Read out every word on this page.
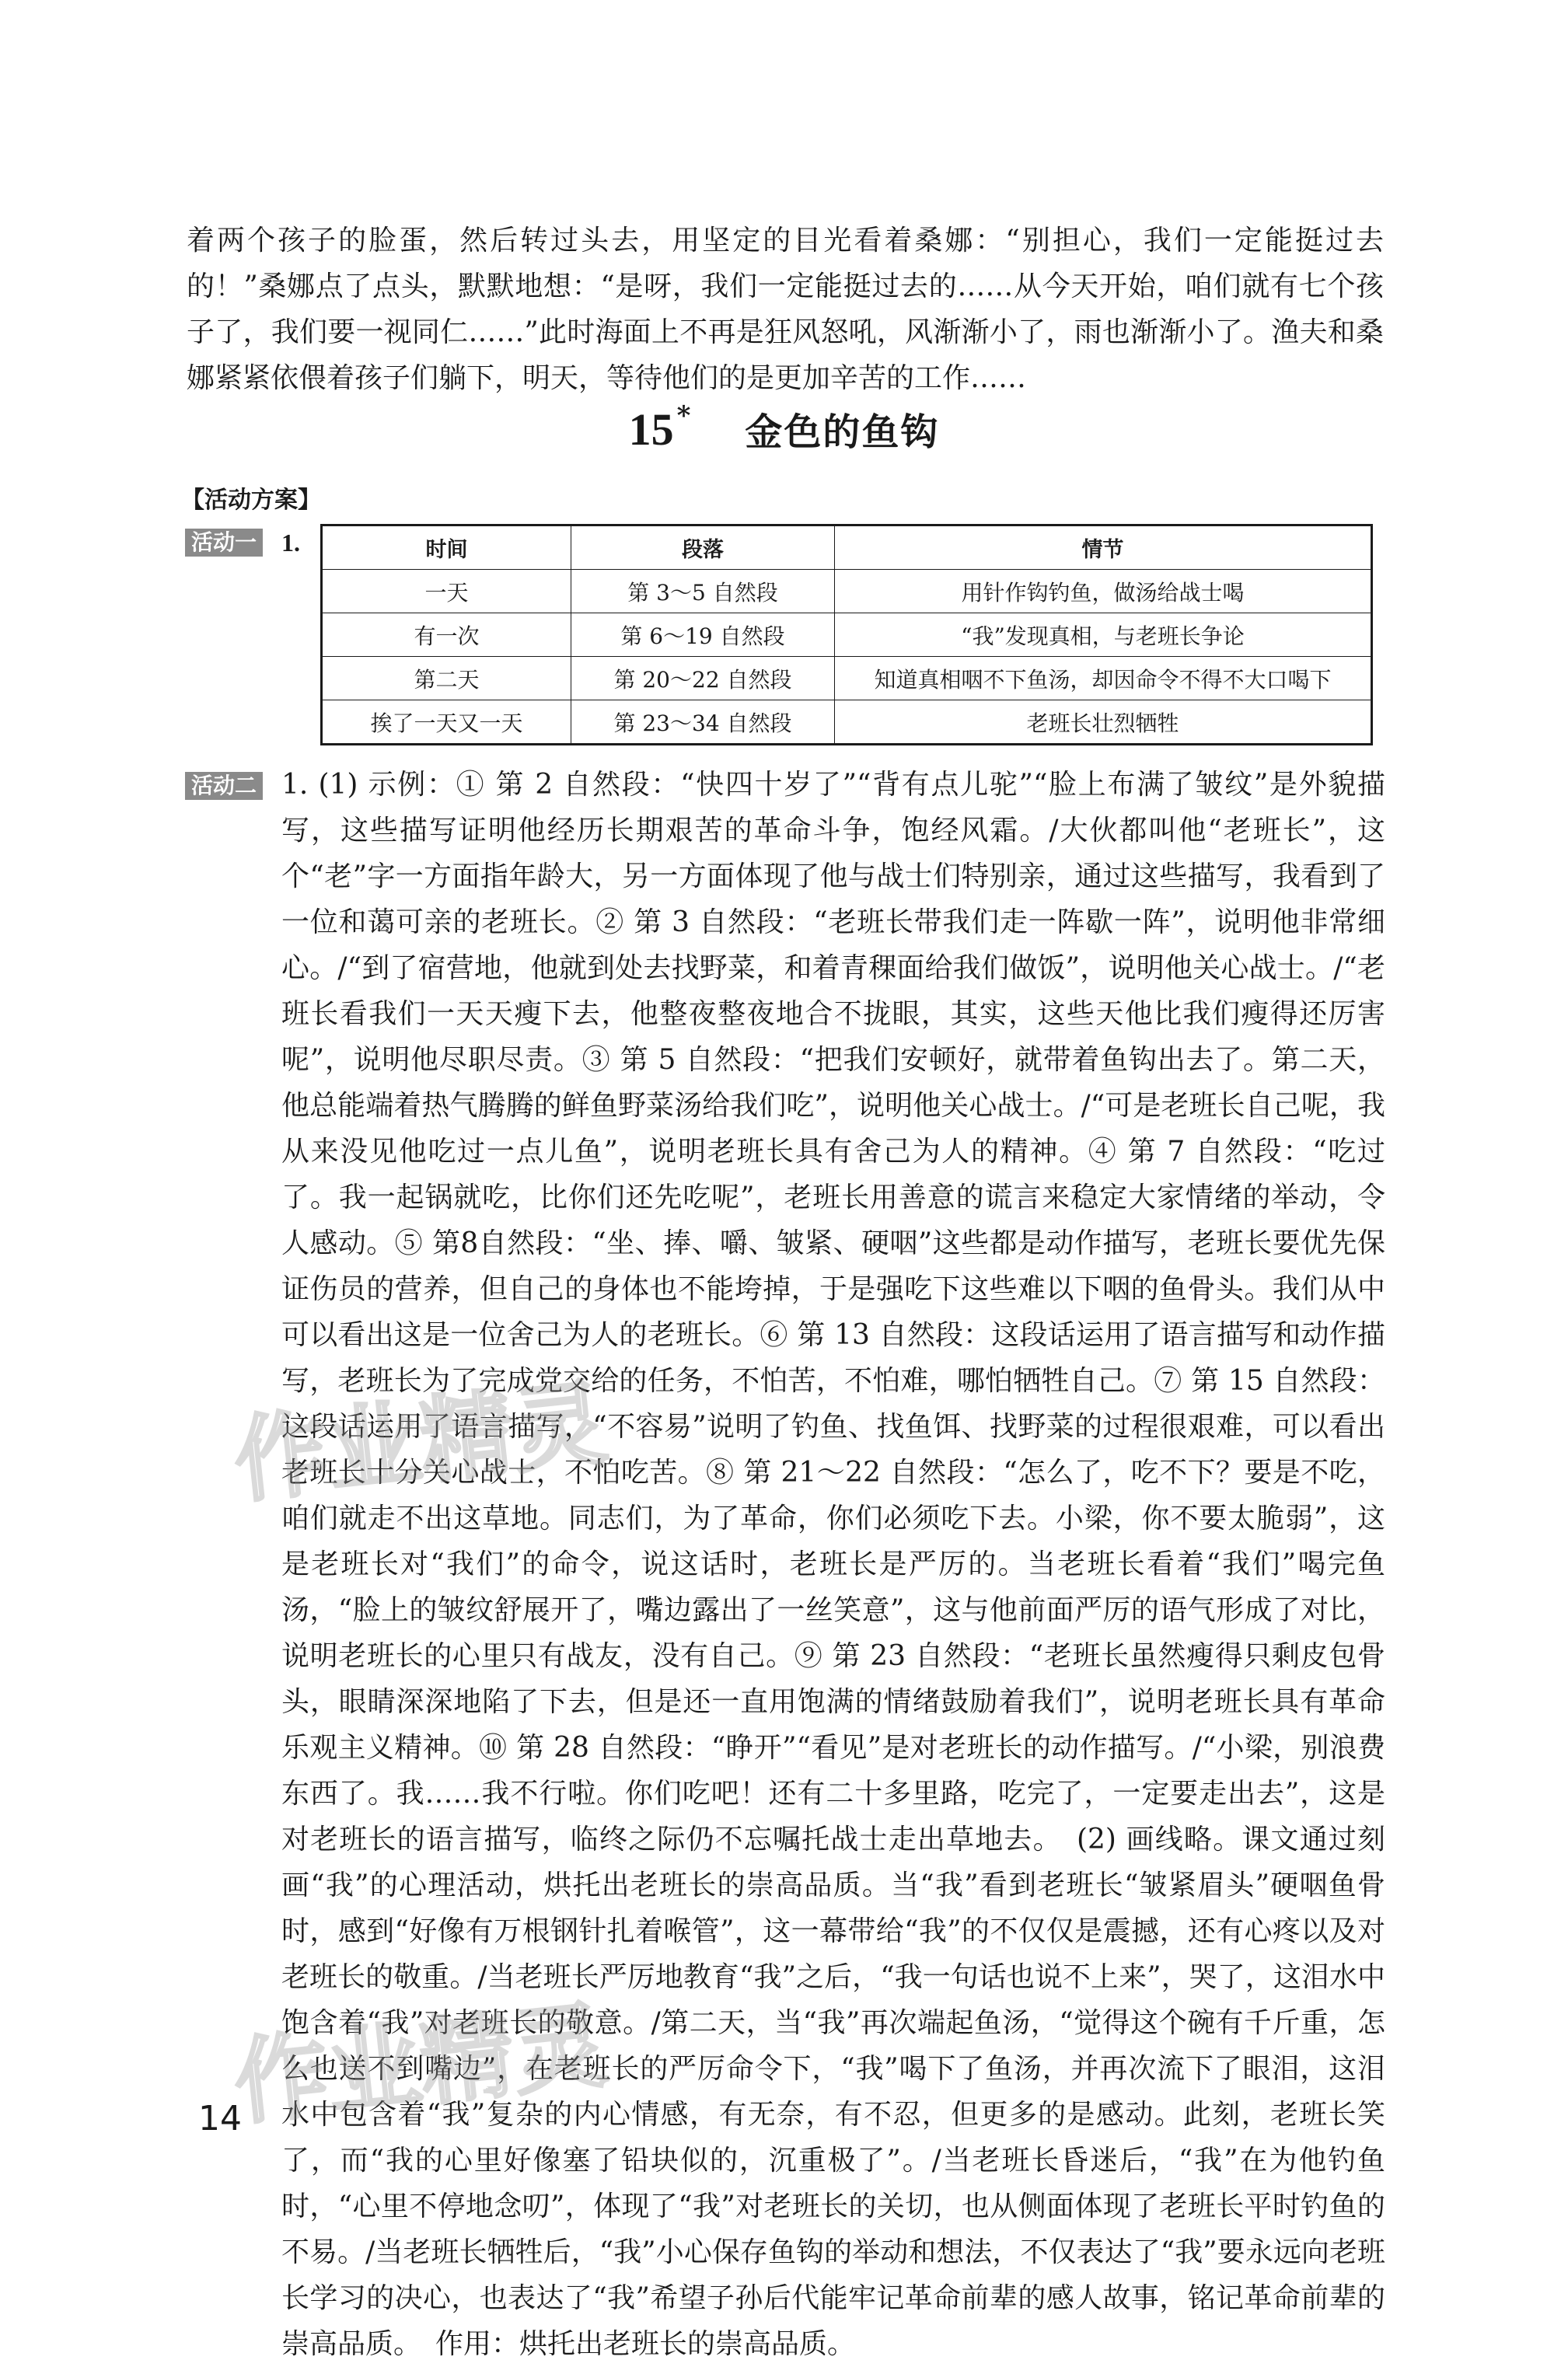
着两个孩子的脸蛋，然后转过头去，用坚定的目光看着桑娜：“别担心，我们一定能挺过去的！”桑娜点了点头，默默地想：“是呀，我们一定能挺过去的……从今天开始，咱们就有七个孩子了，我们要一视同仁……”此时海面上不再是狂风怒吼，风渐渐小了，雨也渐渐小了。渔夫和桑娜紧紧依偎着孩子们躺下，明天，等待他们的是更加辛苦的工作……
15 * 金色的鱼钩
【活动方案】
活动一 1.	时间	段落	情节
一天	第 3～5 自然段	用针作钩钓鱼，做汤给战士喝
有一次	第 6～19 自然段	“我”发现真相，与老班长争论
第二天	第 20～22 自然段	知道真相咽不下鱼汤，却因命令不得不大口喝下
挨了一天又一天	第 23～34 自然段	老班长壮烈牺牲
活动二 1. (1) 示例：① 第 2 自然段：“快四十岁了”“背有点儿驼”“脸上布满了皱纹”是外貌描写，这些描写证明他经历长期艰苦的革命斗争，饱经风霜。/大伙都叫他“老班长”，这个“老”字一方面指年龄大，另一方面体现了他与战士们特别亲，通过这些描写，我看到了一位和蔼可亲的老班长。② 第 3 自然段：“老班长带我们走一阵歇一阵”，说明他非常细心。/“到了宿营地，他就到处去找野菜，和着青稞面给我们做饭”，说明他关心战士。/“老班长看我们一天天瘦下去，他整夜整夜地合不拢眼，其实，这些天他比我们瘦得还厉害呢”，说明他尽职尽责。③ 第 5 自然段：“把我们安顿好，就带着鱼钩出去了。第二天，他总能端着热气腾腾的鲜鱼野菜汤给我们吃”，说明他关心战士。/“可是老班长自己呢，我从来没见他吃过一点儿鱼”，说明老班长具有舍己为人的精神。④ 第 7 自然段：“吃过了。我一起锅就吃，比你们还先吃呢”，老班长用善意的谎言来稳定大家情绪的举动，令人感动。⑤ 第8自然段：“坐、捧、嚼、皱紧、硬咽”这些都是动作描写，老班长要优先保证伤员的营养，但自己的身体也不能垮掉，于是强吃下这些难以下咽的鱼骨头。我们从中可以看出这是一位舍己为人的老班长。⑥ 第 13 自然段：这段话运用了语言描写和动作描写，老班长为了完成党交给的任务，不怕苦，不怕难，哪怕牺牲自己。⑦ 第 15 自然段：这段话运用了语言描写，“不容易”说明了钓鱼、找鱼饵、找野菜的过程很艰难，可以看出老班长十分关心战士，不怕吃苦。⑧ 第 21～22 自然段：“怎么了，吃不下？要是不吃，咱们就走不出这草地。同志们，为了革命，你们必须吃下去。小梁，你不要太脆弱”，这是老班长对“我们”的命令，说这话时，老班长是严厉的。当老班长看着“我们”喝完鱼汤，“脸上的皱纹舒展开了，嘴边露出了一丝笑意”，这与他前面严厉的语气形成了对比，说明老班长的心里只有战友，没有自己。⑨ 第 23 自然段：“老班长虽然瘦得只剩皮包骨头，眼睛深深地陷了下去，但是还一直用饱满的情绪鼓励着我们”，说明老班长具有革命乐观主义精神。⑩ 第 28 自然段：“睁开”“看见”是对老班长的动作描写。/“小梁，别浪费东西了。我……我不行啦。你们吃吧！还有二十多里路，吃完了，一定要走出去”，这是对老班长的语言描写，临终之际仍不忘嘱托战士走出草地去。　(2) 画线略。课文通过刻画“我”的心理活动，烘托出老班长的崇高品质。当“我”看到老班长“皱紧眉头”硬咽鱼骨时，感到“好像有万根钢针扎着喉管”，这一幕带给“我”的不仅仅是震撼，还有心疼以及对老班长的敬重。/当老班长严厉地教育“我”之后，“我一句话也说不上来”，哭了，这泪水中饱含着“我”对老班长的敬意。/第二天，当“我”再次端起鱼汤，“觉得这个碗有千斤重，怎么也送不到嘴边”，在老班长的严厉命令下，“我”喝下了鱼汤，并再次流下了眼泪，这泪水中包含着“我”复杂的内心情感，有无奈，有不忍，但更多的是感动。此刻，老班长笑了，而“我的心里好像塞了铅块似的，沉重极了”。/当老班长昏迷后，“我”在为他钓鱼时，“心里不停地念叨”，体现了“我”对老班长的关切，也从侧面体现了老班长平时钓鱼的不易。/当老班长牺牲后，“我”小心保存鱼钩的举动和想法，不仅表达了“我”要永远向老班长学习的决心，也表达了“我”希望子孙后代能牢记革命前辈的感人故事，铭记革命前辈的崇高品质。　作用：烘托出老班长的崇高品质。
作业精灵
作业精灵
14
